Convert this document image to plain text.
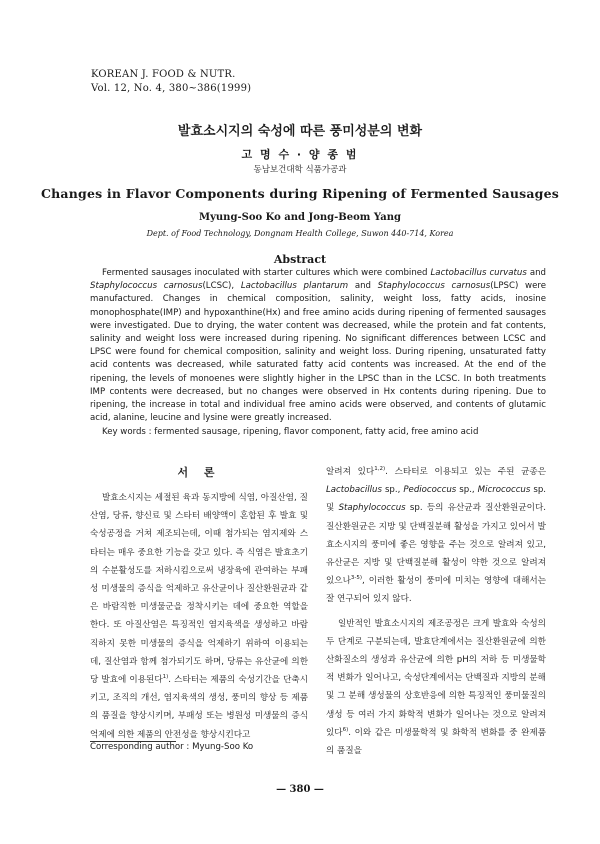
KOREAN J. FOOD & NUTR.
Vol. 12, No. 4, 380~386(1999)
발효소시지의 숙성에 따른 풍미성분의 변화
고 명 수 · 양 종 범
동남보건대학 식품가공과
Changes in Flavor Components during Ripening of Fermented Sausages
Myung-Soo Ko and Jong-Beom Yang
Dept. of Food Technology, Dongnam Health College, Suwon 440-714, Korea
Abstract
Fermented sausages inoculated with starter cultures which were combined Lactobacillus curvatus and Staphylococcus carnosus(LCSC), Lactobacillus plantarum and Staphylococcus carnosus(LPSC) were manufactured. Changes in chemical composition, salinity, weight loss, fatty acids, inosine monophosphate(IMP) and hypoxanthine(Hx) and free amino acids during ripening of fermented sausages were investigated. Due to drying, the water content was decreased, while the protein and fat contents, salinity and weight loss were increased during ripening. No significant differences between LCSC and LPSC were found for chemical composition, salinity and weight loss. During ripening, unsaturated fatty acid contents was decreased, while saturated fatty acid contents was increased. At the end of the ripening, the levels of monoenes were slightly higher in the LPSC than in the LCSC. In both treatments IMP contents were decreased, but no changes were observed in Hx contents during ripening. Due to ripening, the increase in total and individual free amino acids were observed, and contents of glutamic acid, alanine, leucine and lysine were greatly increased.
Key words : fermented sausage, ripening, flavor component, fatty acid, free amino acid
서 론
발효소시지는 세절된 육과 동지방에 식염, 아질산염, 질산염, 당류, 향신료 및 스타터 배양액이 혼합된 후 발효 및 숙성공정을 거쳐 제조되는데, 이때 첨가되는 염지제와 스타터는 매우 중요한 기능을 갖고 있다. 즉 식염은 발효초기의 수분활성도를 저하시킴으로써 냉장육에 관여하는 부패성 미생물의 증식을 억제하고 유산균이나 질산환원균과 같은 바람직한 미생물군을 정착시키는 데에 중요한 역할을 한다. 또 아질산염은 특징적인 염지육색을 생성하고 바람직하지 못한 미생물의 증식을 억제하기 위하여 이용되는데, 질산염과 함께 첨가되기도 하며, 당류는 유산균에 의한 당 발효에 이용된다$^{1)}$. 스타터는 제품의 숙성기간을 단축시키고, 조직의 개선, 염지육색의 생성, 풍미의 향상 등 제품의 품질을 향상시키며, 부패성 또는 병원성 미생물의 증식억제에 의한 제품의 안전성을 향상시킨다고
알려져 있다$^{1,2)}$. 스타터로 이용되고 있는 주된 균종은 Lactobacillus sp., Pediococcus sp., Micrococcus sp. 및 Staphylococcus sp. 등의 유산균과 질산환원균이다. 질산환원균은 지방 및 단백질분해 활성을 가지고 있어서 발효소시지의 풍미에 좋은 영향을 주는 것으로 알려져 있고, 유산균은 지방 및 단백질분해 활성이 약한 것으로 알려져 있으나$^{3-5)}$, 이러한 활성이 풍미에 미치는 영향에 대해서는 잘 연구되어 있지 않다.
일반적인 발효소시지의 제조공정은 크게 발효와 숙성의 두 단계로 구분되는데, 발효단계에서는 질산환원균에 의한 산화질소의 생성과 유산균에 의한 pH의 저하 등 미생물학적 변화가 일어나고, 숙성단계에서는 단백질과 지방의 분해 및 그 분해 생성물의 상호반응에 의한 특징적인 풍미물질의 생성 등 여러 가지 화학적 변화가 일어나는 것으로 알려져 있다$^{6)}$. 이와 같은 미생물학적 및 화학적 변화를 중 완제품의 품질을
Corresponding author : Myung-Soo Ko
— 380 —
